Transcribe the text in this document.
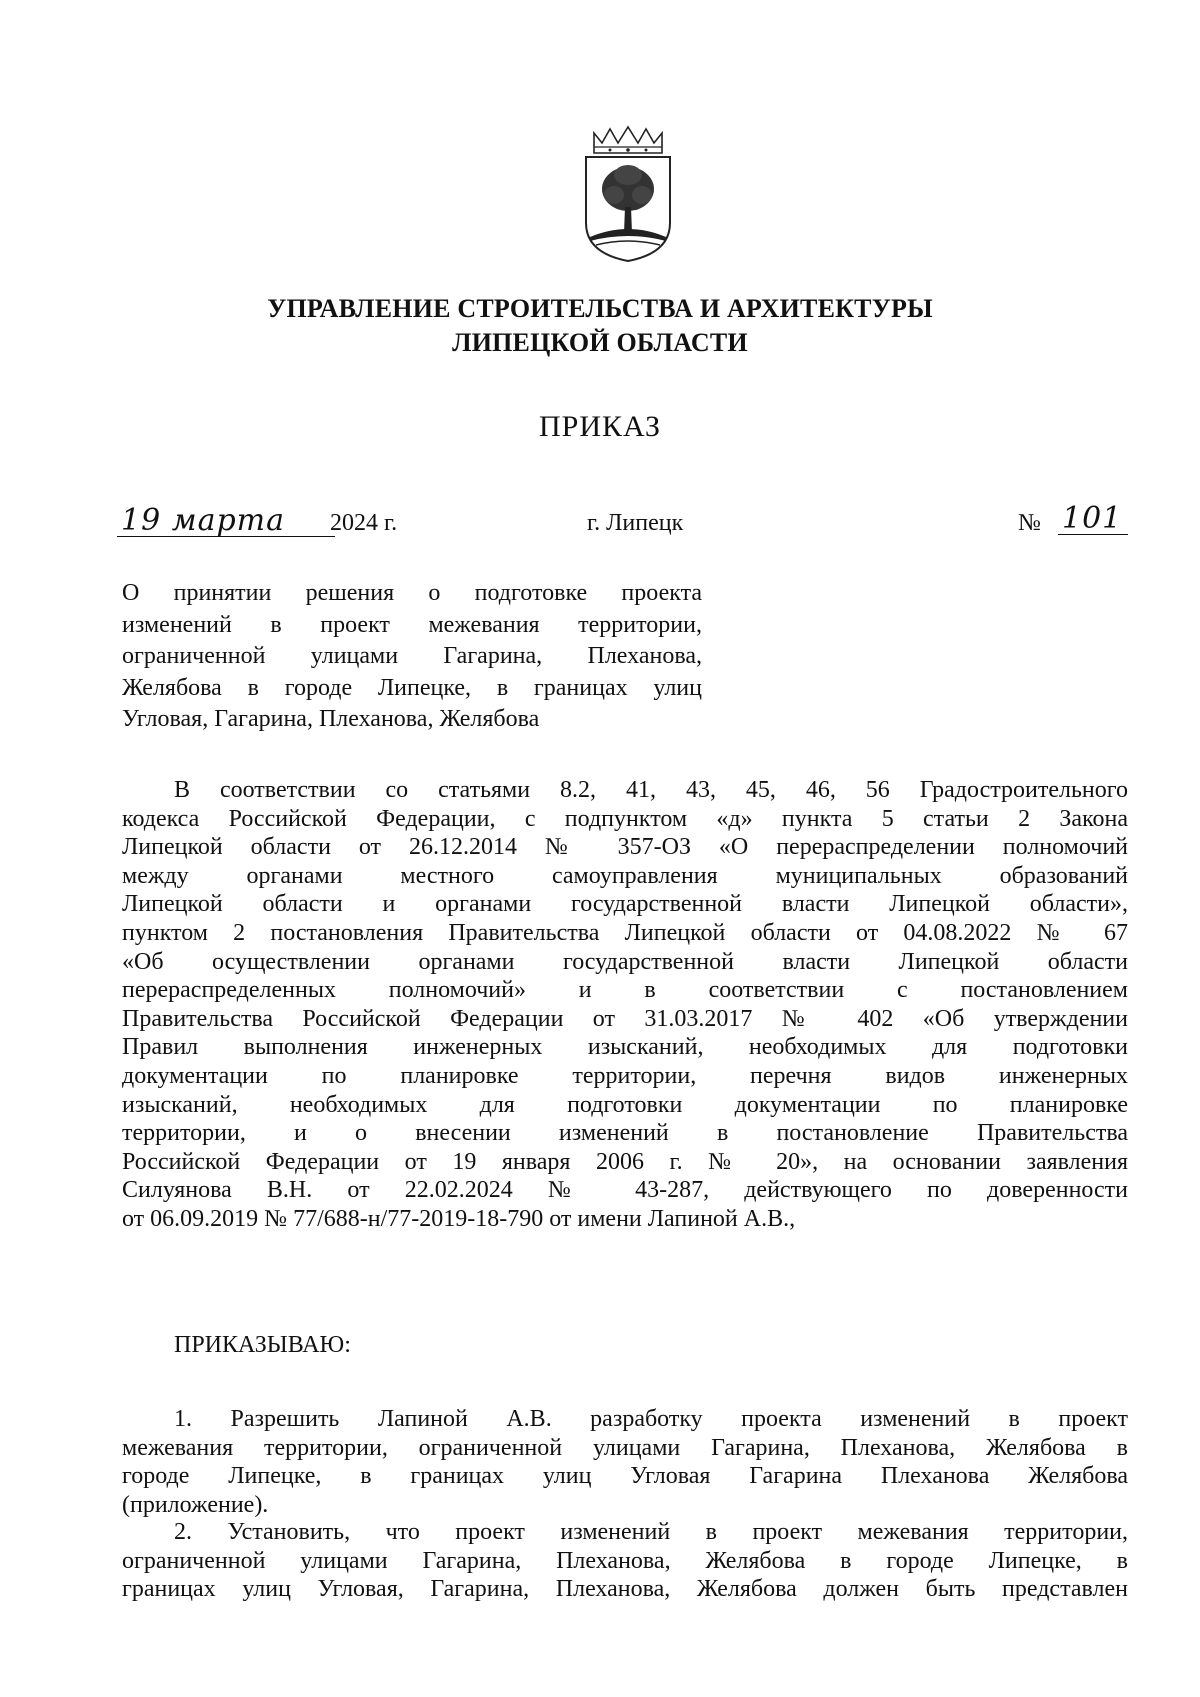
УПРАВЛЕНИЕ СТРОИТЕЛЬСТВА И АРХИТЕКТУРЫ
ЛИПЕЦКОЙ ОБЛАСТИ
ПРИКАЗ
19 марта	2024 г.	г. Липецк	№ 101
О принятии решения о подготовке проекта
изменений в проект межевания территории,
ограниченной улицами Гагарина, Плеханова,
Желябова в городе Липецке, в границах улиц
Угловая, Гагарина, Плеханова, Желябова
В соответствии со статьями 8.2, 41, 43, 45, 46, 56 Градостроительного
кодекса Российской Федерации, с подпунктом «д» пункта 5 статьи 2 Закона
Липецкой области от 26.12.2014 № 357-ОЗ «О перераспределении полномочий
между органами местного самоуправления муниципальных образований
Липецкой области и органами государственной власти Липецкой области»,
пунктом 2 постановления Правительства Липецкой области от 04.08.2022 № 67
«Об осуществлении органами государственной власти Липецкой области
перераспределенных полномочий» и в соответствии с постановлением
Правительства Российской Федерации от 31.03.2017 № 402 «Об утверждении
Правил выполнения инженерных изысканий, необходимых для подготовки
документации по планировке территории, перечня видов инженерных
изысканий, необходимых для подготовки документации по планировке
территории, и о внесении изменений в постановление Правительства
Российской Федерации от 19 января 2006 г. № 20», на основании заявления
Силуянова В.Н. от 22.02.2024 № 43-287, действующего по доверенности
от 06.09.2019 № 77/688-н/77-2019-18-790 от имени Лапиной А.В.,
ПРИКАЗЫВАЮ:
1. Разрешить Лапиной А.В. разработку проекта изменений в проект
межевания территории, ограниченной улицами Гагарина, Плеханова, Желябова в
городе Липецке, в границах улиц Угловая Гагарина Плеханова Желябова
(приложение).
2. Установить, что проект изменений в проект межевания территории,
ограниченной улицами Гагарина, Плеханова, Желябова в городе Липецке, в
границах улиц Угловая, Гагарина, Плеханова, Желябова должен быть представлен
